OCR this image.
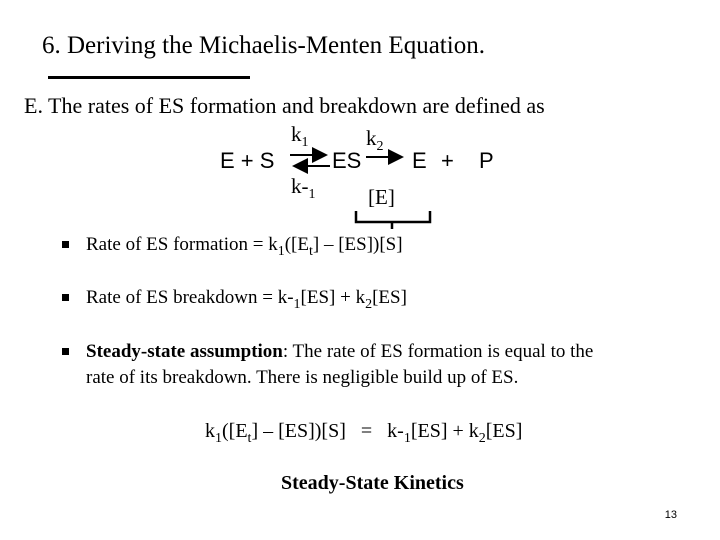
6. Deriving the Michaelis-Menten Equation.
E. The rates of ES formation and breakdown are defined as
$k_1$	$k_2$
$k-_1$
E + S	ES E + P
[E]
Rate of ES formation = $k_1([E_t] - [ES])[S]$
Rate of ES breakdown = $k-_1[ES] + k_2[ES]$
Steady-state assumption: The rate of ES formation is equal to the
rate of its breakdown. There is negligible build up of ES.
$k_1([E_t] - [ES])[S] = k-_1[ES] + k_2[ES]$
Steady-State Kinetics
13
